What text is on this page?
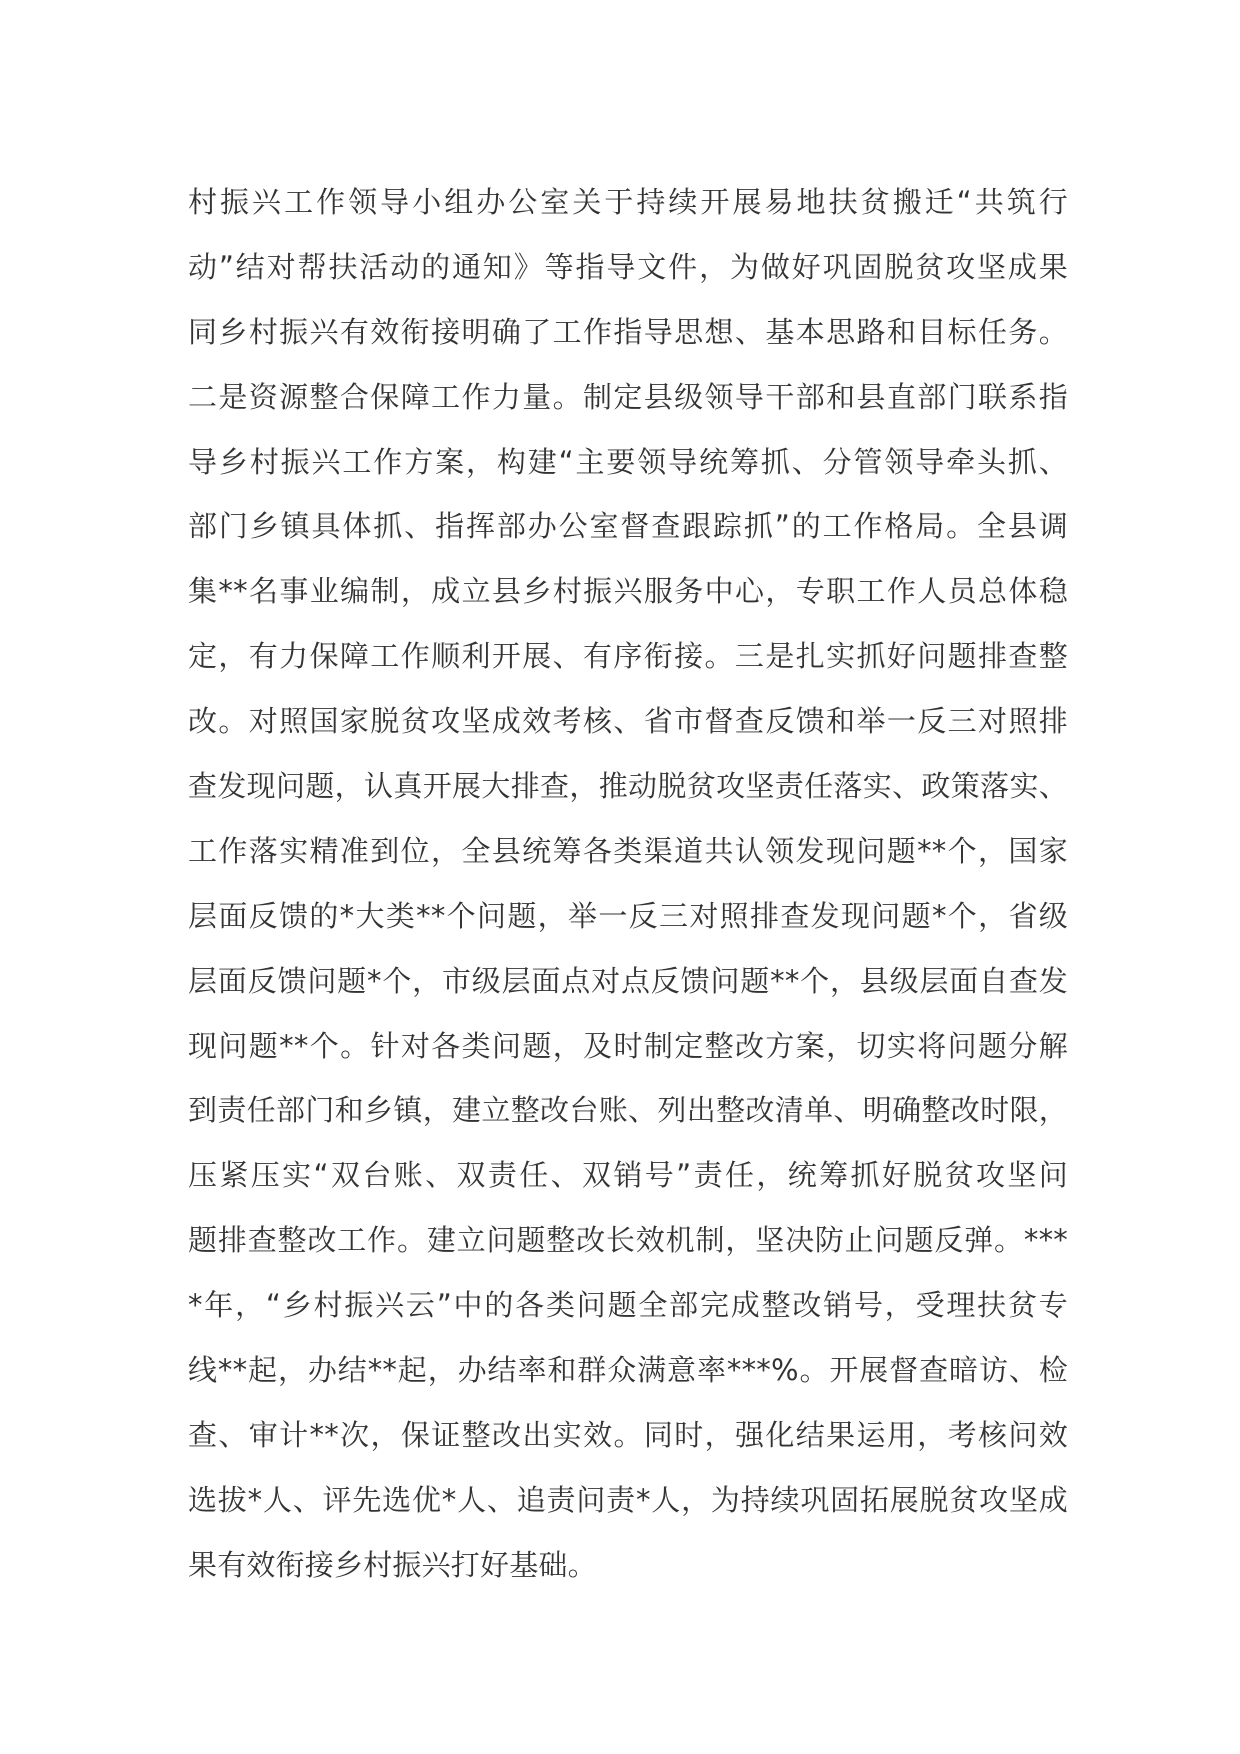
村振兴工作领导小组办公室关于持续开展易地扶贫搬迁“共筑行
动”结对帮扶活动的通知》等指导文件，为做好巩固脱贫攻坚成果
同乡村振兴有效衔接明确了工作指导思想、基本思路和目标任务。
二是资源整合保障工作力量。制定县级领导干部和县直部门联系指
导乡村振兴工作方案，构建“主要领导统筹抓、分管领导牵头抓、
部门乡镇具体抓、指挥部办公室督查跟踪抓”的工作格局。全县调
集**名事业编制，成立县乡村振兴服务中心，专职工作人员总体稳
定，有力保障工作顺利开展、有序衔接。三是扎实抓好问题排查整
改。对照国家脱贫攻坚成效考核、省市督查反馈和举一反三对照排
查发现问题，认真开展大排查，推动脱贫攻坚责任落实、政策落实、
工作落实精准到位，全县统筹各类渠道共认领发现问题**个，国家
层面反馈的*大类**个问题，举一反三对照排查发现问题*个，省级
层面反馈问题*个，市级层面点对点反馈问题**个，县级层面自查发
现问题**个。针对各类问题，及时制定整改方案，切实将问题分解
到责任部门和乡镇，建立整改台账、列出整改清单、明确整改时限，
压紧压实“双台账、双责任、双销号”责任，统筹抓好脱贫攻坚问
题排查整改工作。建立问题整改长效机制，坚决防止问题反弹。***
*年，“乡村振兴云”中的各类问题全部完成整改销号，受理扶贫专
线**起，办结**起，办结率和群众满意率***%。开展督查暗访、检
查、审计**次，保证整改出实效。同时，强化结果运用，考核问效
选拔*人、评先选优*人、追责问责*人，为持续巩固拓展脱贫攻坚成
果有效衔接乡村振兴打好基础。
